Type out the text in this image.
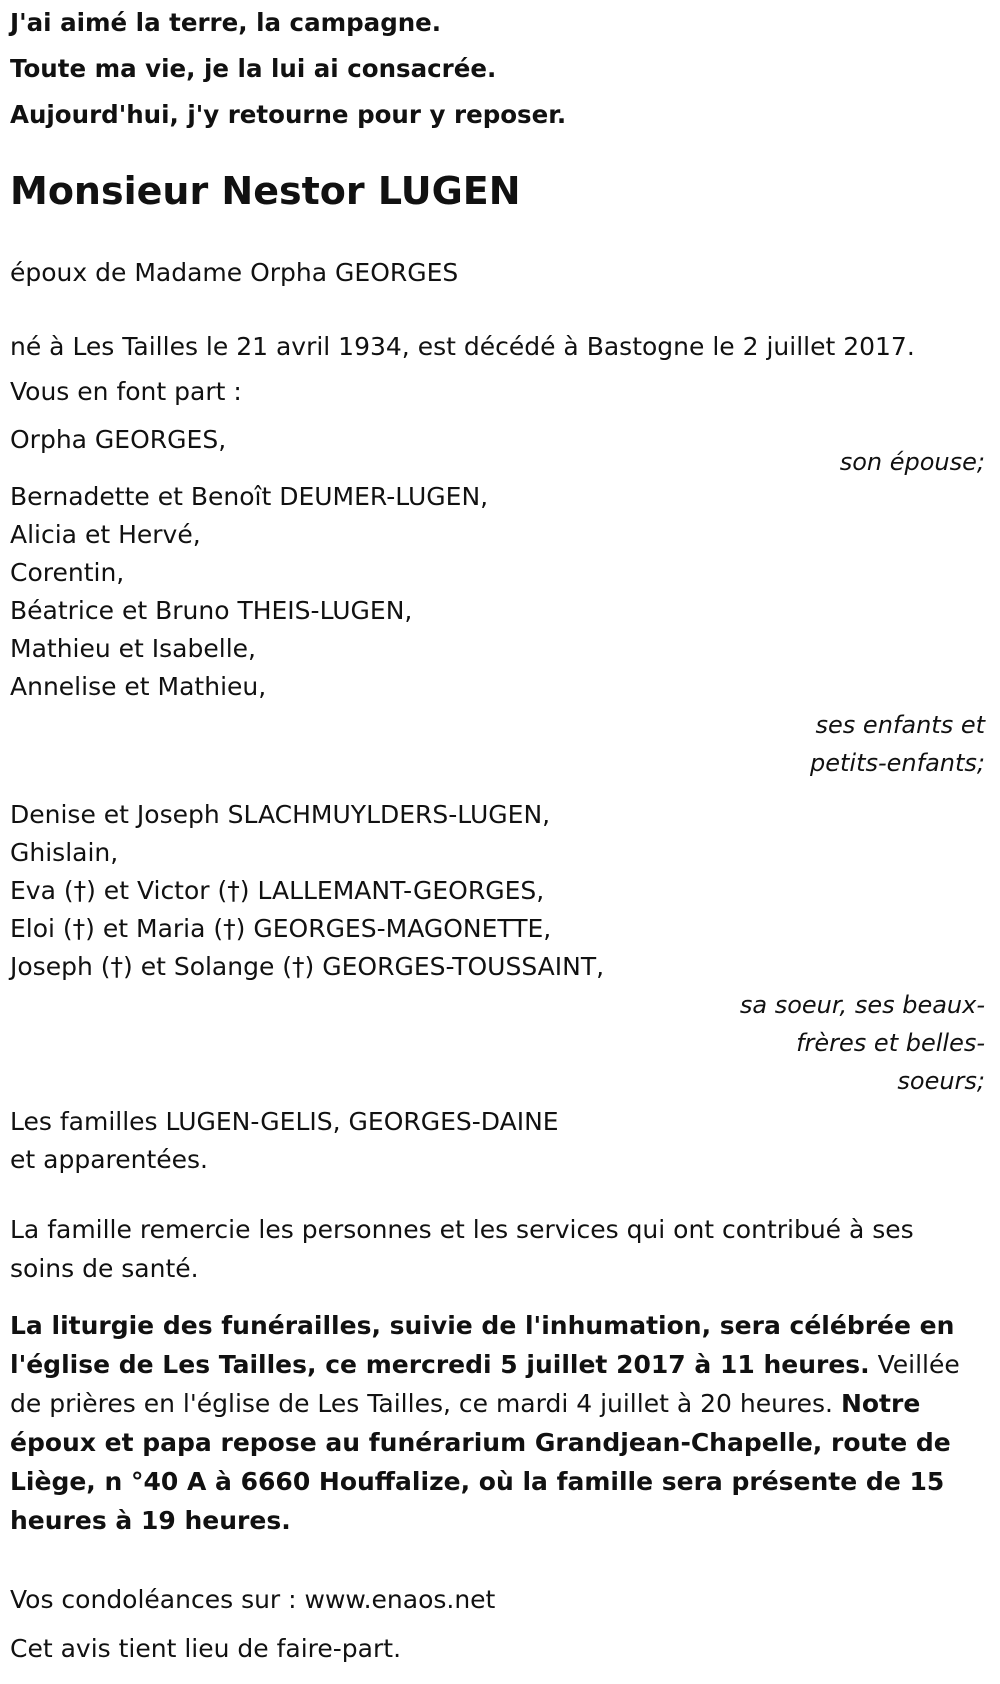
J'ai aimé la terre, la campagne.

Toute ma vie, je la lui ai consacrée.

Aujourd'hui, j'y retourne pour y reposer.

Monsieur Nestor LUGEN

époux de Madame Orpha GEORGES

né à Les Tailles le 21 avril 1934, est décédé à Bastogne le 2 juillet 2017.

Vous en font part :

Orpha GEORGES,

son épouse;

Bernadette et Benoît DEUMER-LUGEN,

Alicia et Hervé,

Corentin,

Béatrice et Bruno THEIS-LUGEN,

Mathieu et Isabelle,

Annelise et Mathieu,

ses enfants et

petits-enfants;

Denise et Joseph SLACHMUYLDERS-LUGEN,

Ghislain,

Eva (†) et Victor (†) LALLEMANT-GEORGES,

Eloi (†) et Maria (†) GEORGES-MAGONETTE,

Joseph (†) et Solange (†) GEORGES-TOUSSAINT,

sa soeur, ses beaux-

frères et belles-

soeurs;

Les familles LUGEN-GELIS, GEORGES-DAINE

et apparentées.

La famille remercie les personnes et les services qui ont contribué à ses soins de santé.

La liturgie des funérailles, suivie de l'inhumation, sera célébrée en l'église de Les Tailles, ce mercredi 5 juillet 2017 à 11 heures. Veillée de prières en l'église de Les Tailles, ce mardi 4 juillet à 20 heures. Notre époux et papa repose au funérarium Grandjean-Chapelle, route de Liège, n °40 A à 6660 Houffalize, où la famille sera présente de 15 heures à 19 heures.

Vos condoléances sur : www.enaos.net

Cet avis tient lieu de faire-part.
